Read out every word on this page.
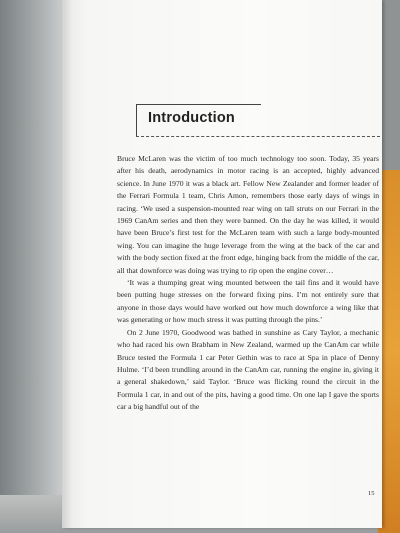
Introduction

Bruce McLaren was the victim of too much technology too soon. Today, 35 years after his death, aerodynamics in motor racing is an accepted, highly advanced science. In June 1970 it was a black art. Fellow New Zealander and former leader of the Ferrari Formula 1 team, Chris Amon, remembers those early days of wings in racing. ‘We used a suspension-mounted rear wing on tall struts on our Ferrari in the 1969 CanAm series and then they were banned. On the day he was killed, it would have been Bruce’s first test for the McLaren team with such a large body-mounted wing. You can imagine the huge leverage from the wing at the back of the car and with the body section fixed at the front edge, hinging back from the middle of the car, all that downforce was doing was trying to rip open the engine cover…

‘It was a thumping great wing mounted between the tail fins and it would have been putting huge stresses on the forward fixing pins. I’m not entirely sure that anyone in those days would have worked out how much downforce a wing like that was generating or how much stress it was putting through the pins.’

On 2 June 1970, Goodwood was bathed in sunshine as Cary Taylor, a mechanic who had raced his own Brabham in New Zealand, warmed up the CanAm car while Bruce tested the Formula 1 car Peter Gethin was to race at Spa in place of Denny Hulme. ‘I’d been trundling around in the CanAm car, running the engine in, giving it a general shakedown,’ said Taylor. ‘Bruce was flicking round the circuit in the Formula 1 car, in and out of the pits, having a good time. On one lap I gave the sports car a big handful out of the

15
